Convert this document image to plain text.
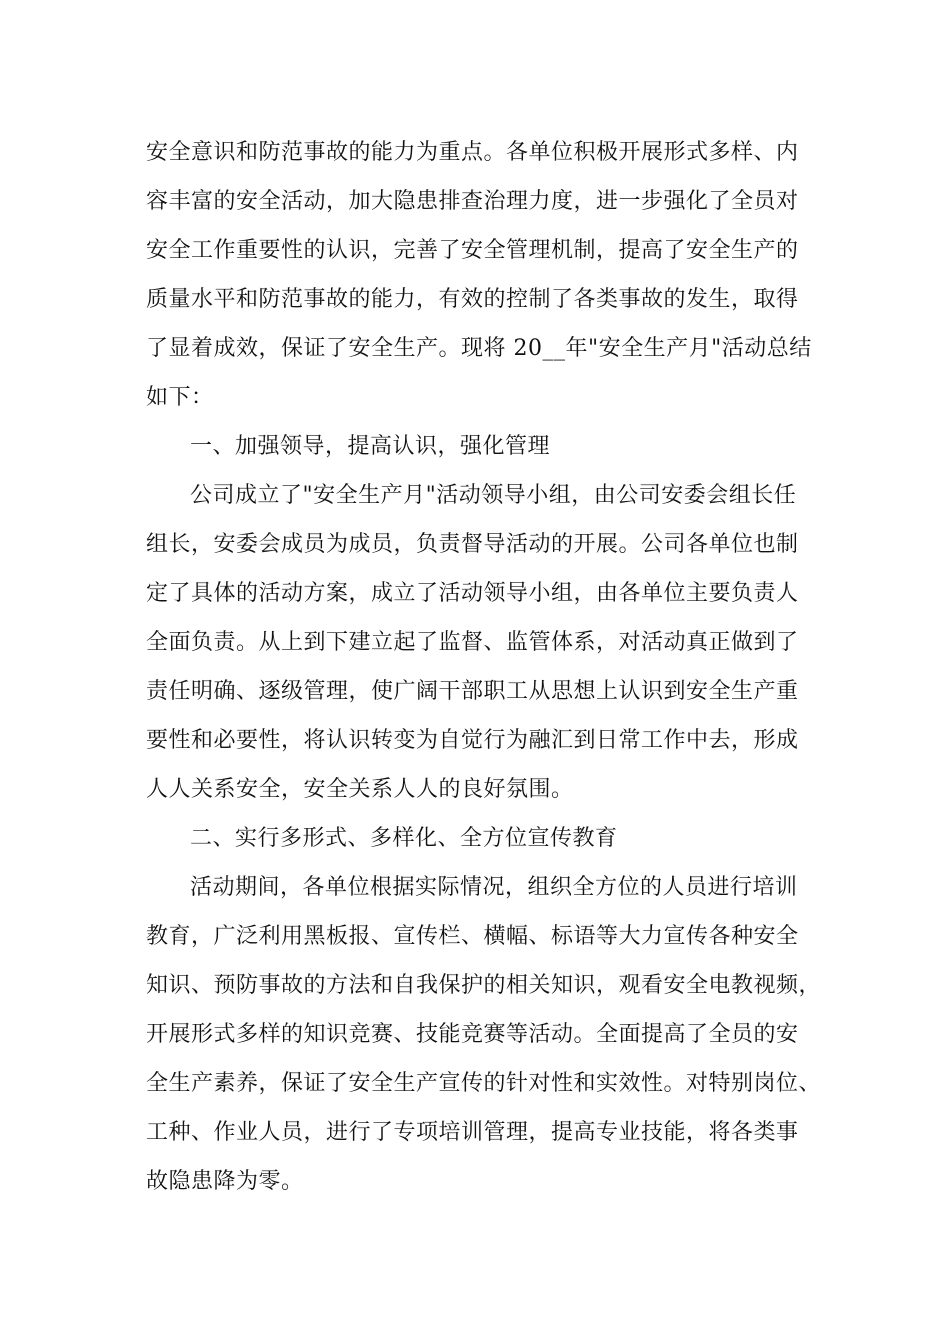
安全意识和防范事故的能力为重点。各单位积极开展形式多样、内
容丰富的安全活动，加大隐患排查治理力度，进一步强化了全员对
安全工作重要性的认识，完善了安全管理机制，提高了安全生产的
质量水平和防范事故的能力，有效的控制了各类事故的发生，取得
了显着成效，保证了安全生产。现将 20__年"安全生产月"活动总结
如下：
一、加强领导，提高认识，强化管理
公司成立了"安全生产月"活动领导小组，由公司安委会组长任
组长，安委会成员为成员，负责督导活动的开展。公司各单位也制
定了具体的活动方案，成立了活动领导小组，由各单位主要负责人
全面负责。从上到下建立起了监督、监管体系，对活动真正做到了
责任明确、逐级管理，使广阔干部职工从思想上认识到安全生产重
要性和必要性，将认识转变为自觉行为融汇到日常工作中去，形成
人人关系安全，安全关系人人的良好氛围。
二、实行多形式、多样化、全方位宣传教育
活动期间，各单位根据实际情况，组织全方位的人员进行培训
教育，广泛利用黑板报、宣传栏、横幅、标语等大力宣传各种安全
知识、预防事故的方法和自我保护的相关知识，观看安全电教视频，
开展形式多样的知识竞赛、技能竞赛等活动。全面提高了全员的安
全生产素养，保证了安全生产宣传的针对性和实效性。对特别岗位、
工种、作业人员，进行了专项培训管理，提高专业技能，将各类事
故隐患降为零。
